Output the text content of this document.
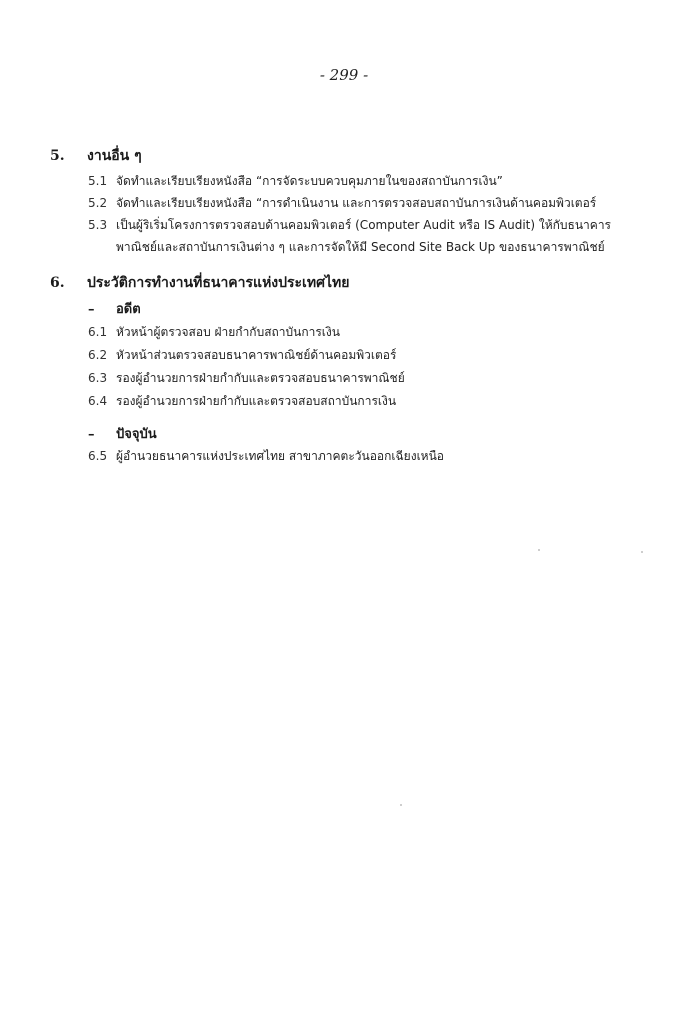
- 299 -
5. งานอื่น ๆ
5.1 จัดทำและเรียบเรียงหนังสือ “การจัดระบบควบคุมภายในของสถาบันการเงิน”
5.2 จัดทำและเรียบเรียงหนังสือ “การดำเนินงาน และการตรวจสอบสถาบันการเงินด้านคอมพิวเตอร์
5.3 เป็นผู้ริเริ่มโครงการตรวจสอบด้านคอมพิวเตอร์ (Computer Audit หรือ IS Audit) ให้กับธนาคาร
พาณิชย์และสถาบันการเงินต่าง ๆ และการจัดให้มี Second Site Back Up ของธนาคารพาณิชย์
6. ประวัติการทำงานที่ธนาคารแห่งประเทศไทย
– อดีต
6.1 หัวหน้าผู้ตรวจสอบ ฝ่ายกำกับสถาบันการเงิน
6.2 หัวหน้าส่วนตรวจสอบธนาคารพาณิชย์ด้านคอมพิวเตอร์
6.3 รองผู้อำนวยการฝ่ายกำกับและตรวจสอบธนาคารพาณิชย์
6.4 รองผู้อำนวยการฝ่ายกำกับและตรวจสอบสถาบันการเงิน
– ปัจจุบัน
6.5 ผู้อำนวยธนาคารแห่งประเทศไทย สาขาภาคตะวันออกเฉียงเหนือ
